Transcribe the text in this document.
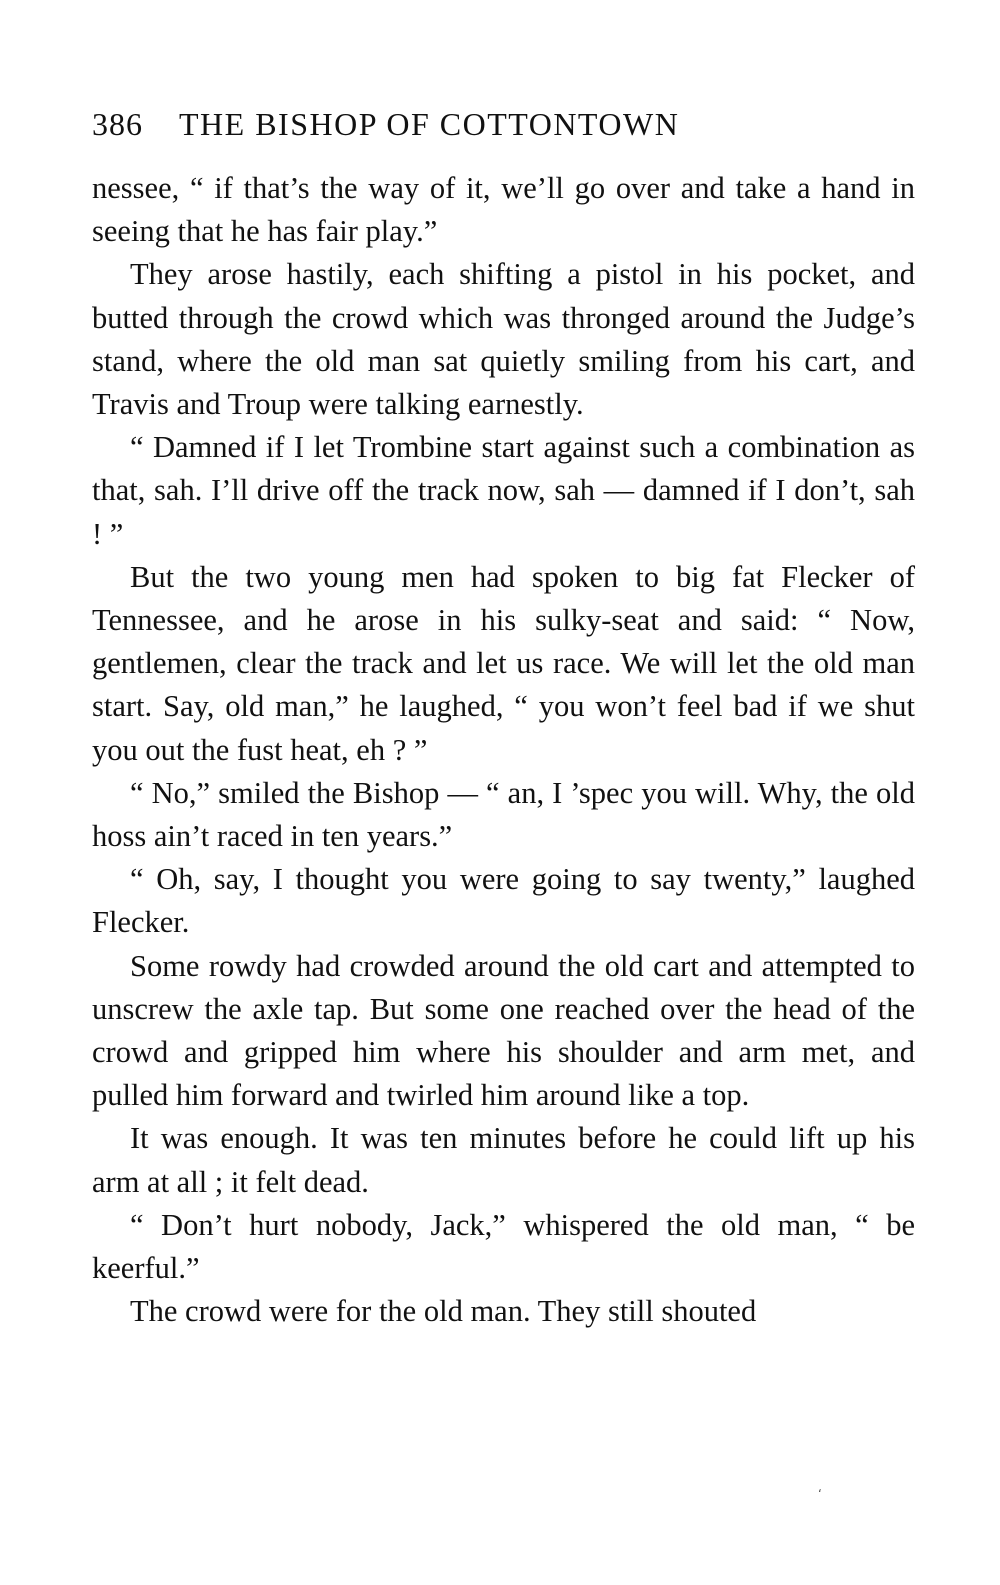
386 THE BISHOP OF COTTONTOWN

nessee, “ if that’s the way of it, we’ll go over and take a hand in seeing that he has fair play.”

They arose hastily, each shifting a pistol in his pocket, and butted through the crowd which was thronged around the Judge’s stand, where the old man sat quietly smiling from his cart, and Travis and Troup were talking earnestly.

“ Damned if I let Trombine start against such a combination as that, sah. I’ll drive off the track now, sah — damned if I don’t, sah ! ”

But the two young men had spoken to big fat Flecker of Tennessee, and he arose in his sulky-seat and said: “ Now, gentlemen, clear the track and let us race. We will let the old man start. Say, old man,” he laughed, “ you won’t feel bad if we shut you out the fust heat, eh ? ”

“ No,” smiled the Bishop — “ an, I ’spec you will. Why, the old hoss ain’t raced in ten years.”

“ Oh, say, I thought you were going to say twenty,” laughed Flecker.

Some rowdy had crowded around the old cart and attempted to unscrew the axle tap. But some one reached over the head of the crowd and gripped him where his shoulder and arm met, and pulled him forward and twirled him around like a top.

It was enough. It was ten minutes before he could lift up his arm at all ; it felt dead.

“ Don’t hurt nobody, Jack,” whispered the old man, “ be keerful.”

The crowd were for the old man. They still shouted

ʻ
